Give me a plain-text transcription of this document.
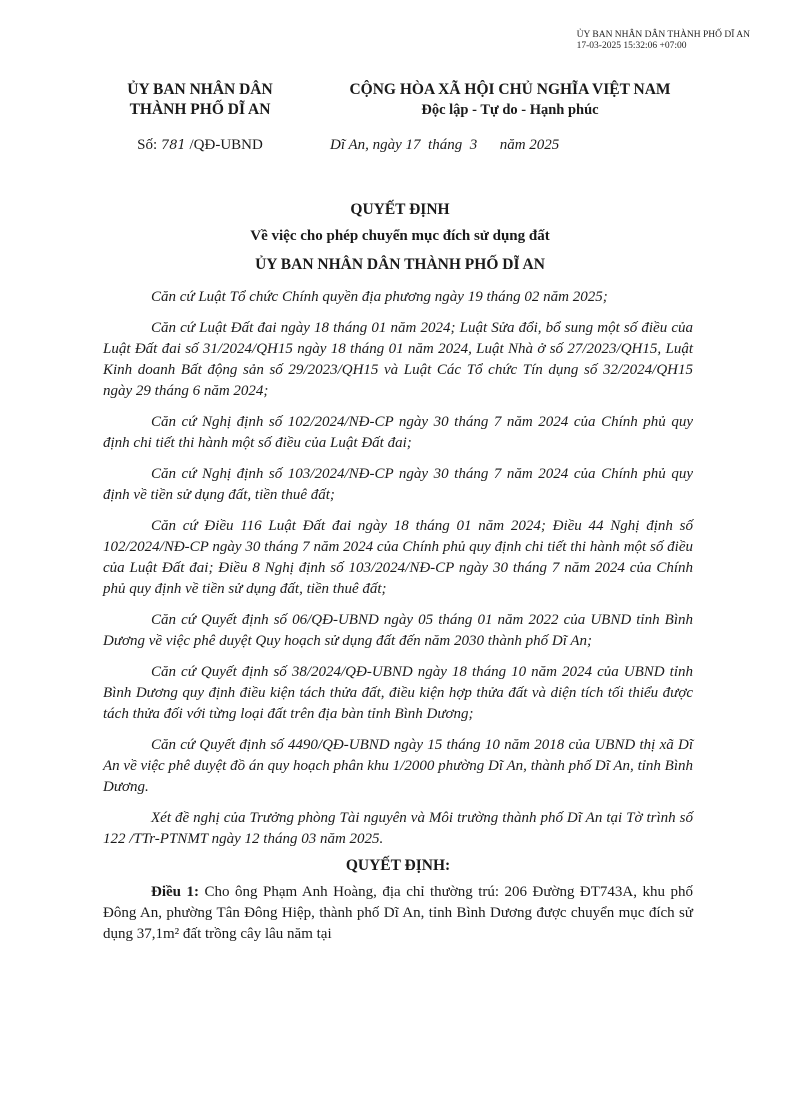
ỦY BAN NHÂN DÂN THÀNH PHỐ DĨ AN
17-03-2025 15:32:06 +07:00
ỦY BAN NHÂN DÂN
THÀNH PHỐ DĨ AN
CỘNG HÒA XÃ HỘI CHỦ NGHĨA VIỆT NAM
Độc lập - Tự do - Hạnh phúc
Số: 781 /QĐ-UBND	Dĩ An, ngày 17  tháng  3      năm 2025
QUYẾT ĐỊNH
Về việc cho phép chuyển mục đích sử dụng đất
ỦY BAN NHÂN DÂN THÀNH PHỐ DĨ AN

Căn cứ Luật Tổ chức Chính quyền địa phương ngày 19 tháng 02 năm 2025;

Căn cứ Luật Đất đai ngày 18 tháng 01 năm 2024; Luật Sửa đổi, bổ sung một số điều của Luật Đất đai số 31/2024/QH15 ngày 18 tháng 01 năm 2024, Luật Nhà ở số 27/2023/QH15, Luật Kinh doanh Bất động sản số 29/2023/QH15 và Luật Các Tổ chức Tín dụng số 32/2024/QH15 ngày 29 tháng 6 năm 2024;

Căn cứ Nghị định số 102/2024/NĐ-CP ngày 30 tháng 7 năm 2024 của Chính phủ quy định chi tiết thi hành một số điều của Luật Đất đai;

Căn cứ Nghị định số 103/2024/NĐ-CP ngày 30 tháng 7 năm 2024 của Chính phủ quy định về tiền sử dụng đất, tiền thuê đất;

Căn cứ Điều 116 Luật Đất đai ngày 18 tháng 01 năm 2024; Điều 44 Nghị định số 102/2024/NĐ-CP ngày 30 tháng 7 năm 2024 của Chính phủ quy định chi tiết thi hành một số điều của Luật Đất đai; Điều 8 Nghị định số 103/2024/NĐ-CP ngày 30 tháng 7 năm 2024 của Chính phủ quy định về tiền sử dụng đất, tiền thuê đất;

Căn cứ Quyết định số 06/QĐ-UBND ngày 05 tháng 01 năm 2022 của UBND tỉnh Bình Dương về việc phê duyệt Quy hoạch sử dụng đất đến năm 2030 thành phố Dĩ An;

Căn cứ Quyết định số 38/2024/QĐ-UBND ngày 18 tháng 10 năm 2024 của UBND tỉnh Bình Dương quy định điều kiện tách thửa đất, điều kiện hợp thửa đất và diện tích tối thiểu được tách thửa đối với từng loại đất trên địa bàn tỉnh Bình Dương;

Căn cứ Quyết định số 4490/QĐ-UBND ngày 15 tháng 10 năm 2018 của UBND thị xã Dĩ An về việc phê duyệt đồ án quy hoạch phân khu 1/2000 phường Dĩ An, thành phố Dĩ An, tỉnh Bình Dương.

Xét đề nghị của Trưởng phòng Tài nguyên và Môi trường thành phố Dĩ An tại Tờ trình số 122 /TTr-PTNMT ngày 12 tháng 03 năm 2025.

QUYẾT ĐỊNH:
Điều 1: Cho ông Phạm Anh Hoàng, địa chỉ thường trú: 206 Đường ĐT743A, khu phố Đông An, phường Tân Đông Hiệp, thành phố Dĩ An, tỉnh Bình Dương được chuyển mục đích sử dụng 37,1m² đất trồng cây lâu năm tại
